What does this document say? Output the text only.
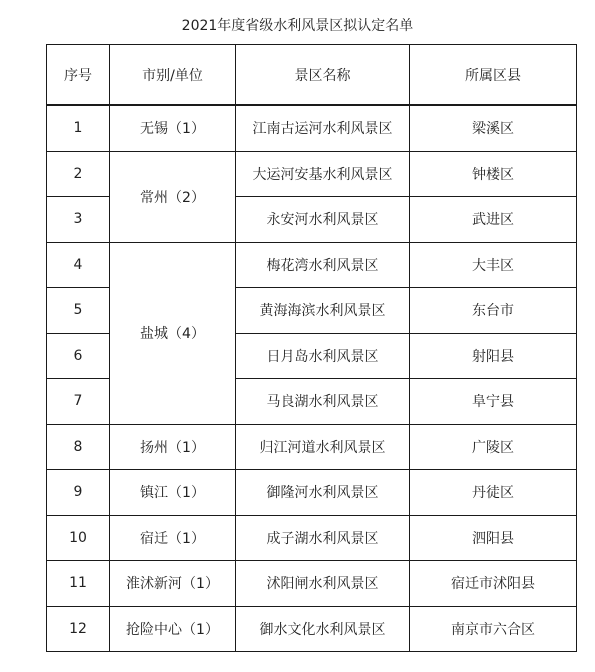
2021年度省级水利风景区拟认定名单
序号	市别/单位	景区名称	所属区县
1	无锡（1）	江南古运河水利风景区	梁溪区
2	常州（2）	大运河安基水利风景区	钟楼区
3		永安河水利风景区	武进区
4	盐城（4）	梅花湾水利风景区	大丰区
5		黄海海滨水利风景区	东台市
6		日月岛水利风景区	射阳县
7		马良湖水利风景区	阜宁县
8	扬州（1）	归江河道水利风景区	广陵区
9	镇江（1）	御隆河水利风景区	丹徒区
10	宿迁（1）	成子湖水利风景区	泗阳县
11	淮沭新河（1）	沭阳闸水利风景区	宿迁市沭阳县
12	抢险中心（1）	御水文化水利风景区	南京市六合区
